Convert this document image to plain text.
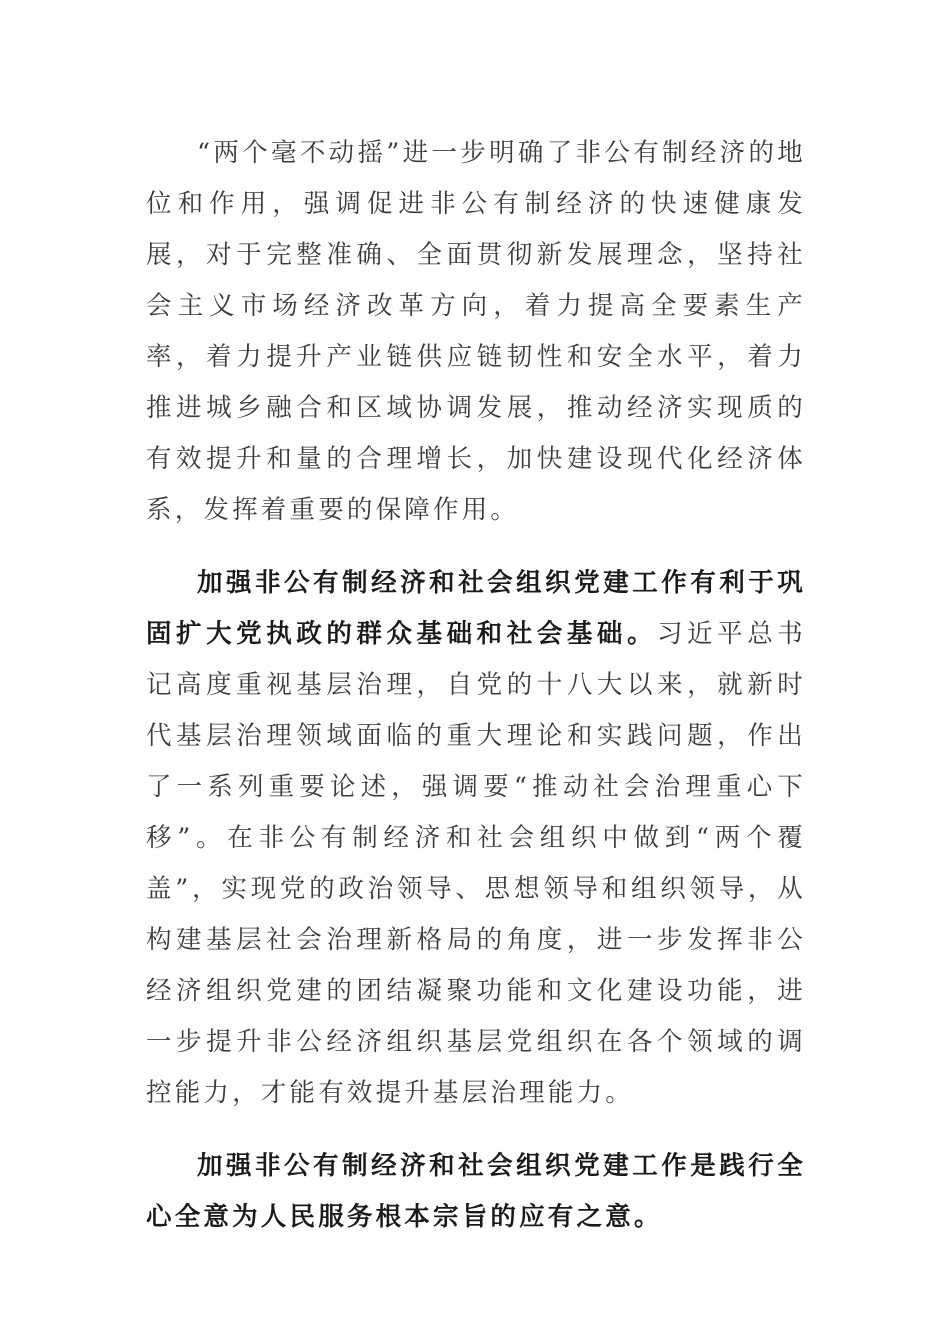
“两个毫不动摇”进一步明确了非公有制经济的地位和作用，强调促进非公有制经济的快速健康发展，对于完整准确、全面贯彻新发展理念，坚持社会主义市场经济改革方向，着力提高全要素生产率，着力提升产业链供应链韧性和安全水平，着力推进城乡融合和区域协调发展，推动经济实现质的有效提升和量的合理增长，加快建设现代化经济体系，发挥着重要的保障作用。

加强非公有制经济和社会组织党建工作有利于巩固扩大党执政的群众基础和社会基础。习近平总书记高度重视基层治理，自党的十八大以来，就新时代基层治理领域面临的重大理论和实践问题，作出了一系列重要论述，强调要“推动社会治理重心下移”。在非公有制经济和社会组织中做到“两个覆盖”，实现党的政治领导、思想领导和组织领导，从构建基层社会治理新格局的角度，进一步发挥非公经济组织党建的团结凝聚功能和文化建设功能，进一步提升非公经济组织基层党组织在各个领域的调控能力，才能有效提升基层治理能力。

加强非公有制经济和社会组织党建工作是践行全心全意为人民服务根本宗旨的应有之意。
